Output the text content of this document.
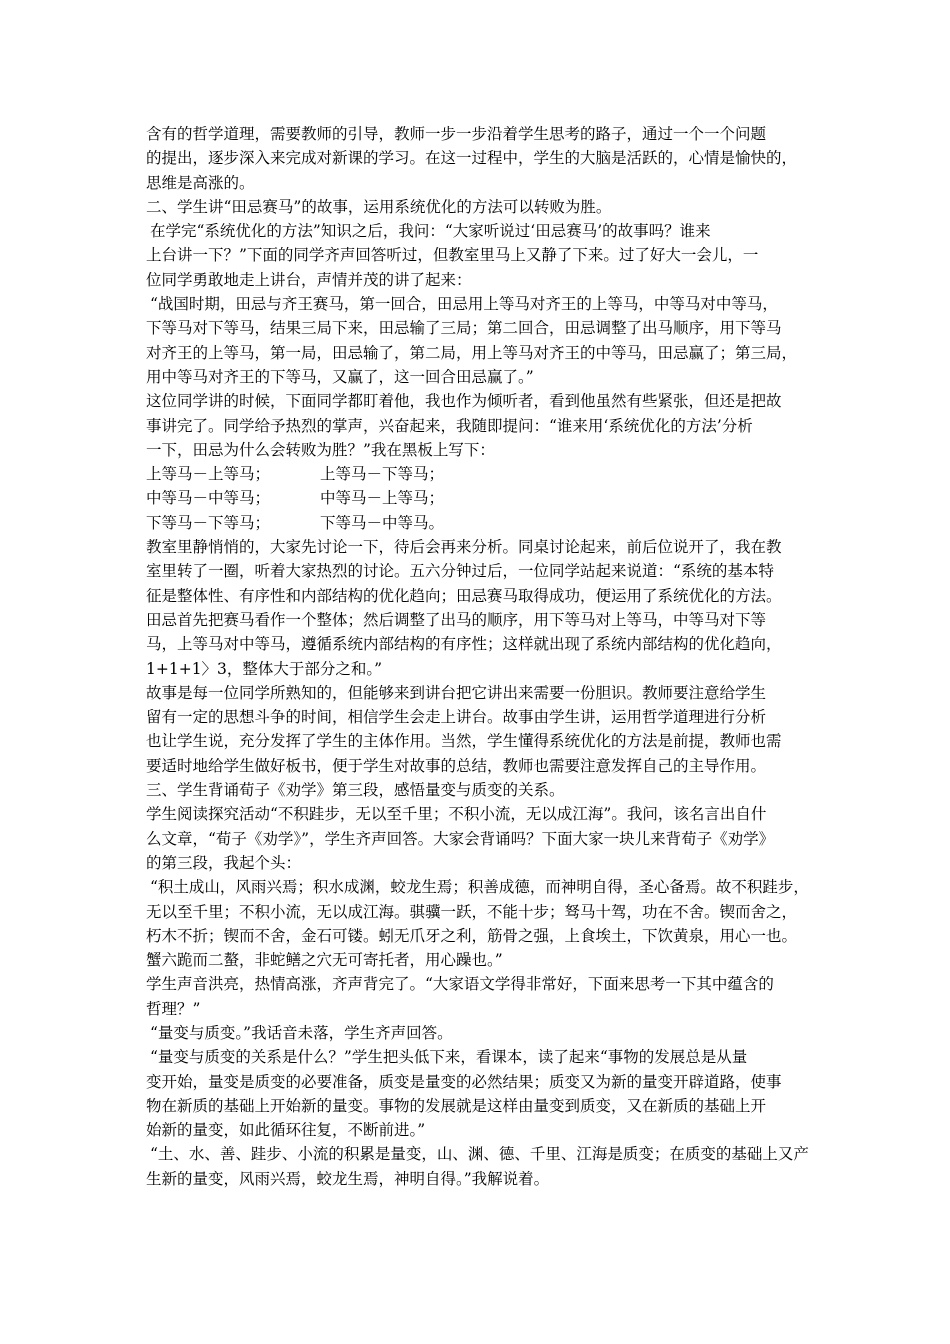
含有的哲学道理，需要教师的引导，教师一步一步沿着学生思考的路子，通过一个一个问题
的提出，逐步深入来完成对新课的学习。在这一过程中，学生的大脑是活跃的，心情是愉快的，
思维是高涨的。
二、学生讲“田忌赛马”的故事，运用系统优化的方法可以转败为胜。
在学完“系统优化的方法”知识之后，我问：“大家听说过‘田忌赛马’的故事吗？谁来
上台讲一下？”下面的同学齐声回答听过，但教室里马上又静了下来。过了好大一会儿，一
位同学勇敢地走上讲台，声情并茂的讲了起来：
“战国时期，田忌与齐王赛马，第一回合，田忌用上等马对齐王的上等马，中等马对中等马，
下等马对下等马，结果三局下来，田忌输了三局；第二回合，田忌调整了出马顺序，用下等马
对齐王的上等马，第一局，田忌输了，第二局，用上等马对齐王的中等马，田忌赢了；第三局，
用中等马对齐王的下等马，又赢了，这一回合田忌赢了。”
这位同学讲的时候，下面同学都盯着他，我也作为倾听者，看到他虽然有些紧张，但还是把故
事讲完了。同学给予热烈的掌声，兴奋起来，我随即提问：“谁来用‘系统优化的方法’分析
一下，田忌为什么会转败为胜？”我在黑板上写下：
上等马－上等马；	上等马－下等马；
中等马－中等马；	中等马－上等马；
下等马－下等马；	下等马－中等马。
教室里静悄悄的，大家先讨论一下，待后会再来分析。同桌讨论起来，前后位说开了，我在教
室里转了一圈，听着大家热烈的讨论。五六分钟过后，一位同学站起来说道：“系统的基本特
征是整体性、有序性和内部结构的优化趋向；田忌赛马取得成功，便运用了系统优化的方法。
田忌首先把赛马看作一个整体；然后调整了出马的顺序，用下等马对上等马，中等马对下等
马，上等马对中等马，遵循系统内部结构的有序性；这样就出现了系统内部结构的优化趋向，
1+1+1〉3，整体大于部分之和。”
故事是每一位同学所熟知的，但能够来到讲台把它讲出来需要一份胆识。教师要注意给学生
留有一定的思想斗争的时间，相信学生会走上讲台。故事由学生讲，运用哲学道理进行分析
也让学生说，充分发挥了学生的主体作用。当然，学生懂得系统优化的方法是前提，教师也需
要适时地给学生做好板书，便于学生对故事的总结，教师也需要注意发挥自己的主导作用。
三、学生背诵荀子《劝学》第三段，感悟量变与质变的关系。
学生阅读探究活动“不积跬步，无以至千里；不积小流，无以成江海”。我问，该名言出自什
么文章，“荀子《劝学》”，学生齐声回答。大家会背诵吗？下面大家一块儿来背荀子《劝学》
的第三段，我起个头：
“积土成山，风雨兴焉；积水成渊，蛟龙生焉；积善成德，而神明自得，圣心备焉。故不积跬步，
无以至千里；不积小流，无以成江海。骐骥一跃，不能十步；驽马十驾，功在不舍。锲而舍之，
朽木不折；锲而不舍，金石可镂。蚓无爪牙之利，筋骨之强，上食埃土，下饮黄泉，用心一也。
蟹六跪而二螯，非蛇鳝之穴无可寄托者，用心躁也。”
学生声音洪亮，热情高涨，齐声背完了。“大家语文学得非常好，下面来思考一下其中蕴含的
哲理？”
“量变与质变。”我话音未落，学生齐声回答。
“量变与质变的关系是什么？”学生把头低下来，看课本，读了起来“事物的发展总是从量
变开始，量变是质变的必要准备，质变是量变的必然结果；质变又为新的量变开辟道路，使事
物在新质的基础上开始新的量变。事物的发展就是这样由量变到质变，又在新质的基础上开
始新的量变，如此循环往复，不断前进。”
“土、水、善、跬步、小流的积累是量变，山、渊、德、千里、江海是质变；在质变的基础上又产
生新的量变，风雨兴焉，蛟龙生焉，神明自得。”我解说着。
